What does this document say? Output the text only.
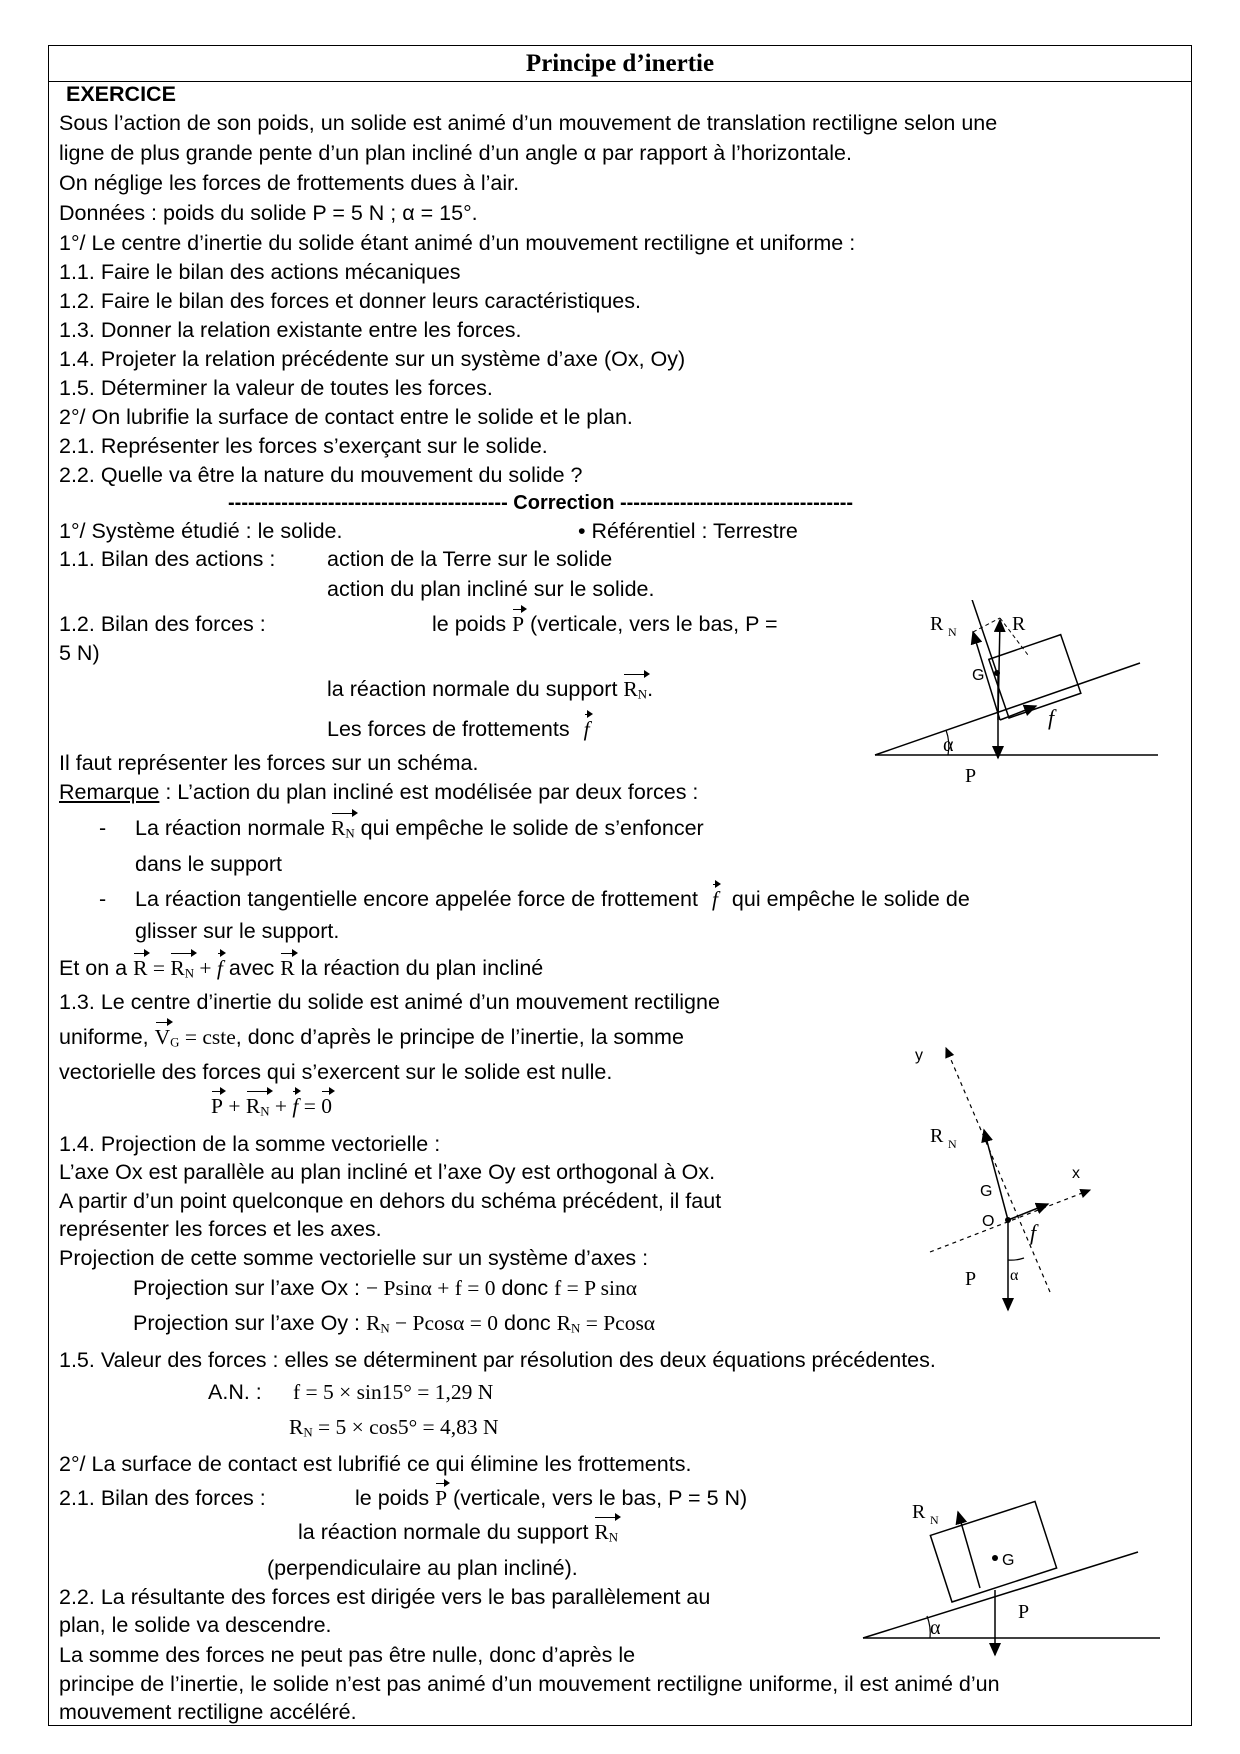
Principe d’inertie
EXERCICE
Sous l’action de son poids, un solide est animé d’un mouvement de translation rectiligne selon une
ligne de plus grande pente d’un plan incliné d’un angle α par rapport à l’horizontale.
On néglige les forces de frottements dues à l’air.
Données : poids du solide P = 5 N ; α = 15°.
1°/ Le centre d’inertie du solide étant animé d’un mouvement rectiligne et uniforme :
1.1. Faire le bilan des actions mécaniques
1.2. Faire le bilan des forces et donner leurs caractéristiques.
1.3. Donner la relation existante entre les forces.
1.4. Projeter la relation précédente sur un système d’axe (Ox, Oy)
1.5. Déterminer la valeur de toutes les forces.
2°/ On lubrifie la surface de contact entre le solide et le plan.
2.1. Représenter les forces s’exerçant sur le solide.
2.2. Quelle va être la nature du mouvement du solide ?
------------------------------------------ Correction -----------------------------------
1°/ Système étudié : le solide.	• Référentiel : Terrestre
1.1. Bilan des actions : action de la Terre sur le solide
action du plan incliné sur le solide.
1.2. Bilan des forces :	le poids P (verticale, vers le bas, P =
5 N)
la réaction normale du support $R_N$.
Les forces de frottements f
Il faut représenter les forces sur un schéma.
Remarque : L’action du plan incliné est modélisée par deux forces :
- La réaction normale $R_N$ qui empêche le solide de s’enfoncer
dans le support
- La réaction tangentielle encore appelée force de frottement f qui empêche le solide de
glisser sur le support.
Et on a $R = R_N + f$ avec R la réaction du plan incliné
1.3. Le centre d’inertie du solide est animé d’un mouvement rectiligne
uniforme, $V_G$ = cste, donc d’après le principe de l’inertie, la somme
vectorielle des forces qui s’exercent sur le solide est nulle.
$P + R_N + f = 0$
1.4. Projection de la somme vectorielle :
L’axe Ox est parallèle au plan incliné et l’axe Oy est orthogonal à Ox.
A partir d’un point quelconque en dehors du schéma précédent, il faut
représenter les forces et les axes.
Projection de cette somme vectorielle sur un système d’axes :
Projection sur l’axe Ox : − Psinα + f = 0 donc f = P sinα
Projection sur l’axe Oy : $R_N - Pcos\alpha = 0$ donc $R_N = Pcos\alpha$
1.5. Valeur des forces : elles se déterminent par résolution des deux équations précédentes.
A.N. : f = 5 × sin15° = 1,29 N
$R_N = 5 \times \cos 5^\circ = 4,83$ N
2°/ La surface de contact est lubrifié ce qui élimine les frottements.
2.1. Bilan des forces :	le poids P (verticale, vers le bas, P = 5 N)
la réaction normale du support $R_N$
(perpendiculaire au plan incliné).
2.2. La résultante des forces est dirigée vers le bas parallèlement au
plan, le solide va descendre.
La somme des forces ne peut pas être nulle, donc d’après le
principe de l’inertie, le solide n’est pas animé d’un mouvement rectiligne uniforme, il est animé d’un
mouvement rectiligne accéléré.
α
G
P
R N	R
f
y
x
R N
G
O f
P α
α
G
P
R N
